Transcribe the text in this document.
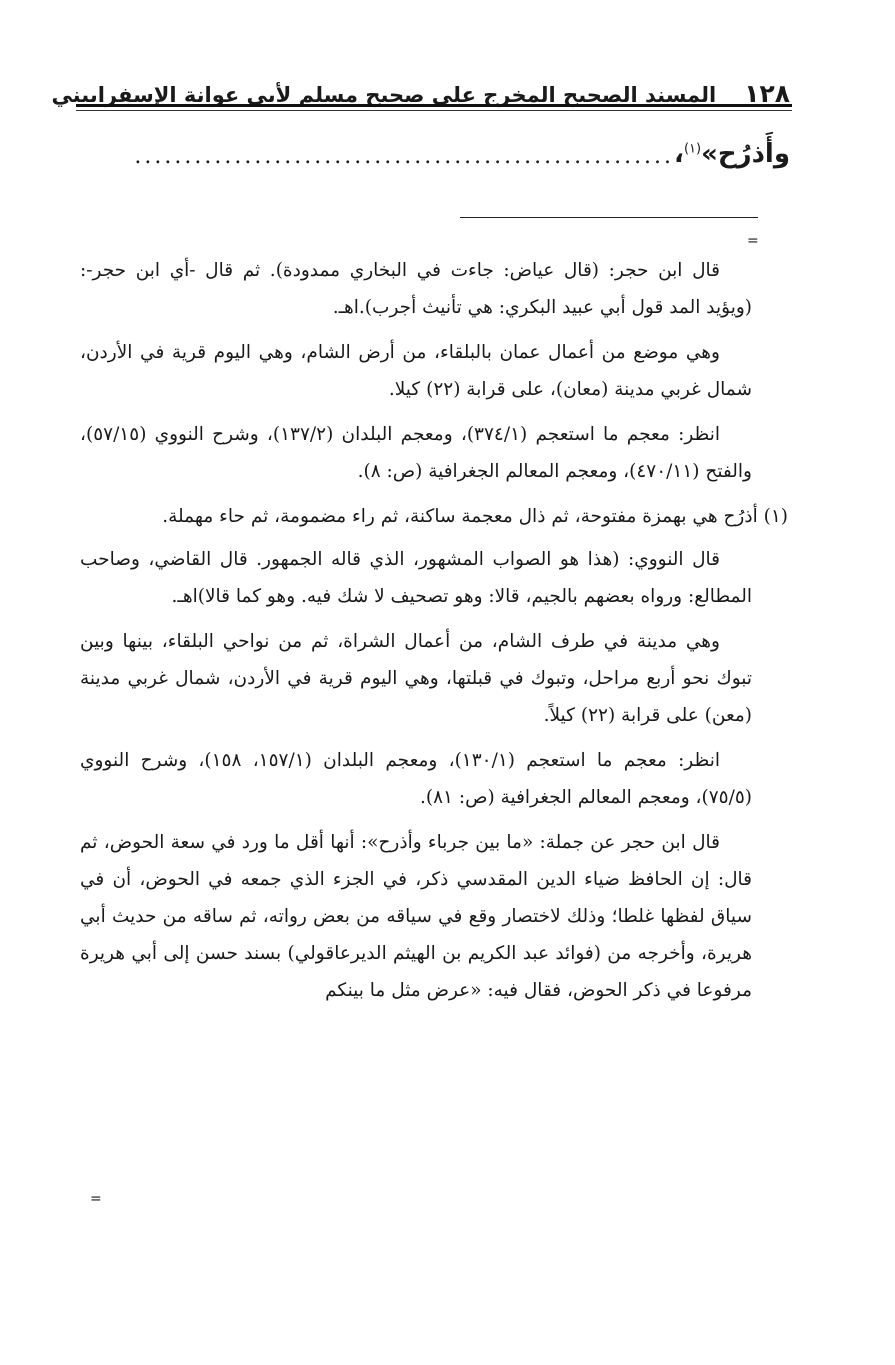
١٢٨
المسند الصحيح المخرج على صحيح مسلم لأبي عوانة الإسفراييني
وأَذرُح»$^{(١)}$،
......................................................
=

قال ابن حجر: (قال عياض: جاءت في البخاري ممدودة). ثم قال -أي ابن حجر-: (ويؤيد المد قول أبي عبيد البكري: هي تأنيث أجرب).اهـ.

وهي موضع من أعمال عمان بالبلقاء، من أرض الشام، وهي اليوم قرية في الأردن، شمال غربي مدينة (معان)، على قرابة (٢٢) كيلا.

انظر: معجم ما استعجم (٣٧٤/١)، ومعجم البلدان (١٣٧/٢)، وشرح النووي (٥٧/١٥)، والفتح (٤٧٠/١١)، ومعجم المعالم الجغرافية (ص: ٨).

(١) أذرُح هي بهمزة مفتوحة، ثم ذال معجمة ساكنة، ثم راء مضمومة، ثم حاء مهملة.

قال النووي: (هذا هو الصواب المشهور، الذي قاله الجمهور. قال القاضي، وصاحب المطالع: ورواه بعضهم بالجيم، قالا: وهو تصحيف لا شك فيه. وهو كما قالا)اهـ.

وهي مدينة في طرف الشام، من أعمال الشراة، ثم من نواحي البلقاء، بينها وبين تبوك نحو أربع مراحل، وتبوك في قبلتها، وهي اليوم قرية في الأردن، شمال غربي مدينة (معن) على قرابة (٢٢) كيلاً.

انظر: معجم ما استعجم (١٣٠/١)، ومعجم البلدان (١٥٧/١، ١٥٨)، وشرح النووي (٧٥/٥)، ومعجم المعالم الجغرافية (ص: ٨١).

قال ابن حجر عن جملة: «ما بين جرباء وأذرح»: أنها أقل ما ورد في سعة الحوض، ثم قال: إن الحافظ ضياء الدين المقدسي ذكر، في الجزء الذي جمعه في الحوض، أن في سياق لفظها غلطا؛ وذلك لاختصار وقع في سياقه من بعض رواته، ثم ساقه من حديث أبي هريرة، وأخرجه من (فوائد عبد الكريم بن الهيثم الديرعاقولي) بسند حسن إلى أبي هريرة مرفوعا في ذكر الحوض، فقال فيه: «عرض مثل ما بينكم

=
